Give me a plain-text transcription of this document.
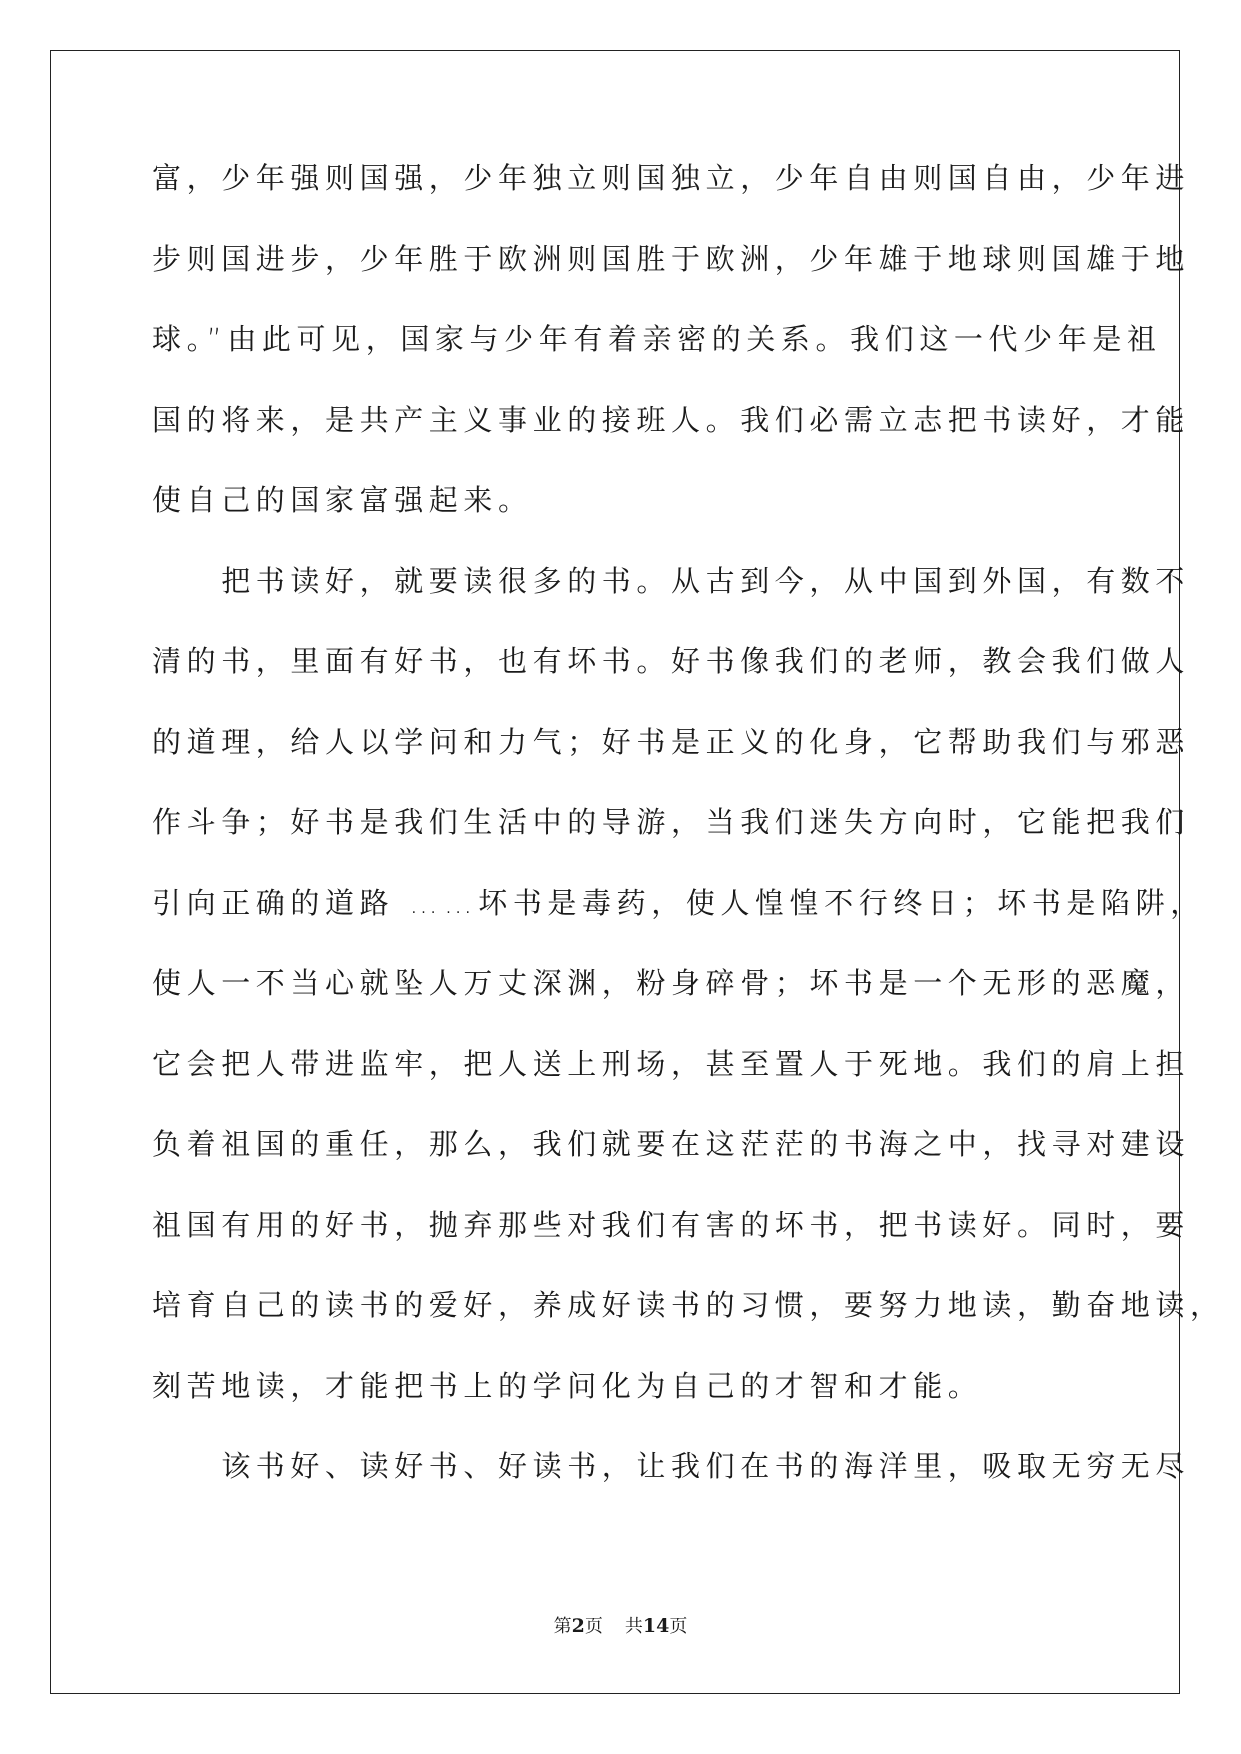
富，少年强则国强，少年独立则国独立，少年自由则国自由，少年进
步则国进步，少年胜于欧洲则国胜于欧洲，少年雄于地球则国雄于地
球。”由此可见，国家与少年有着亲密的关系。我们这一代少年是祖
国的将来，是共产主义事业的接班人。我们必需立志把书读好，才能
使自己的国家富强起来。
　　把书读好，就要读很多的书。从古到今，从中国到外国，有数不
清的书，里面有好书，也有坏书。好书像我们的老师，教会我们做人
的道理，给人以学问和力气；好书是正义的化身，它帮助我们与邪恶
作斗争；好书是我们生活中的导游，当我们迷失方向时，它能把我们
引向正确的道路 ……坏书是毒药，使人惶惶不行终日；坏书是陷阱，
使人一不当心就坠人万丈深渊，粉身碎骨；坏书是一个无形的恶魔，
它会把人带进监牢，把人送上刑场，甚至置人于死地。我们的肩上担
负着祖国的重任，那么，我们就要在这茫茫的书海之中，找寻对建设
祖国有用的好书，抛弃那些对我们有害的坏书，把书读好。同时，要
培育自己的读书的爱好，养成好读书的习惯，要努力地读，勤奋地读，
刻苦地读，才能把书上的学问化为自己的才智和才能。
　　该书好、读好书、好读书，让我们在书的海洋里，吸取无穷无尽
第2页 共14页
